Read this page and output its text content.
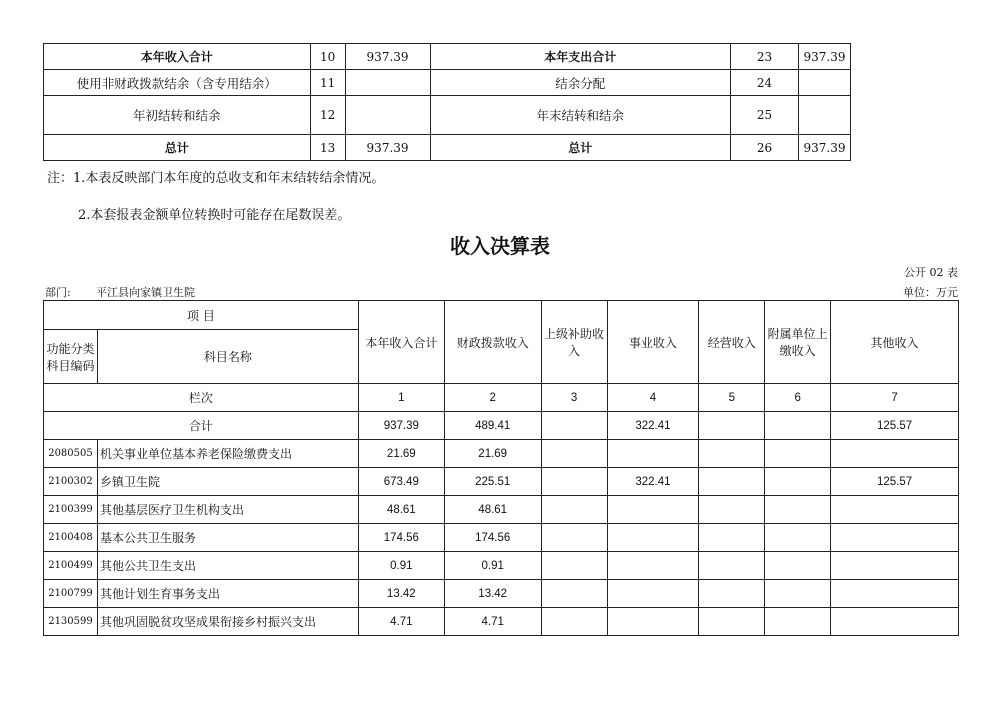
本年收入合计	10	937.39	本年支出合计	23	937.39
使用非财政拨款结余（含专用结余）	11		结余分配	24	
年初结转和结余	12		年末结转和结余	25	
总计	13	937.39	总计	26	937.39
注：1.本表反映部门本年度的总收支和年末结转结余情况。
2.本套报表金额单位转换时可能存在尾数误差。
收入决算表
公开 02 表
部门: 平江县向家镇卫生院	单位：万元
项 目		本年收入合计	财政拨款收入	上级补助收入	事业收入	经营收入	附属单位上缴收入	其他收入
功能分类科目编码	科目名称							
栏次		1	2	3	4	5	6	7
合计		937.39	489.41		322.41			125.57
2080505	机关事业单位基本养老保险缴费支出	21.69	21.69					
2100302	乡镇卫生院	673.49	225.51		322.41			125.57
2100399	其他基层医疗卫生机构支出	48.61	48.61					
2100408	基本公共卫生服务	174.56	174.56					
2100499	其他公共卫生支出	0.91	0.91					
2100799	其他计划生育事务支出	13.42	13.42					
2130599	其他巩固脱贫攻坚成果衔接乡村振兴支出	4.71	4.71					
